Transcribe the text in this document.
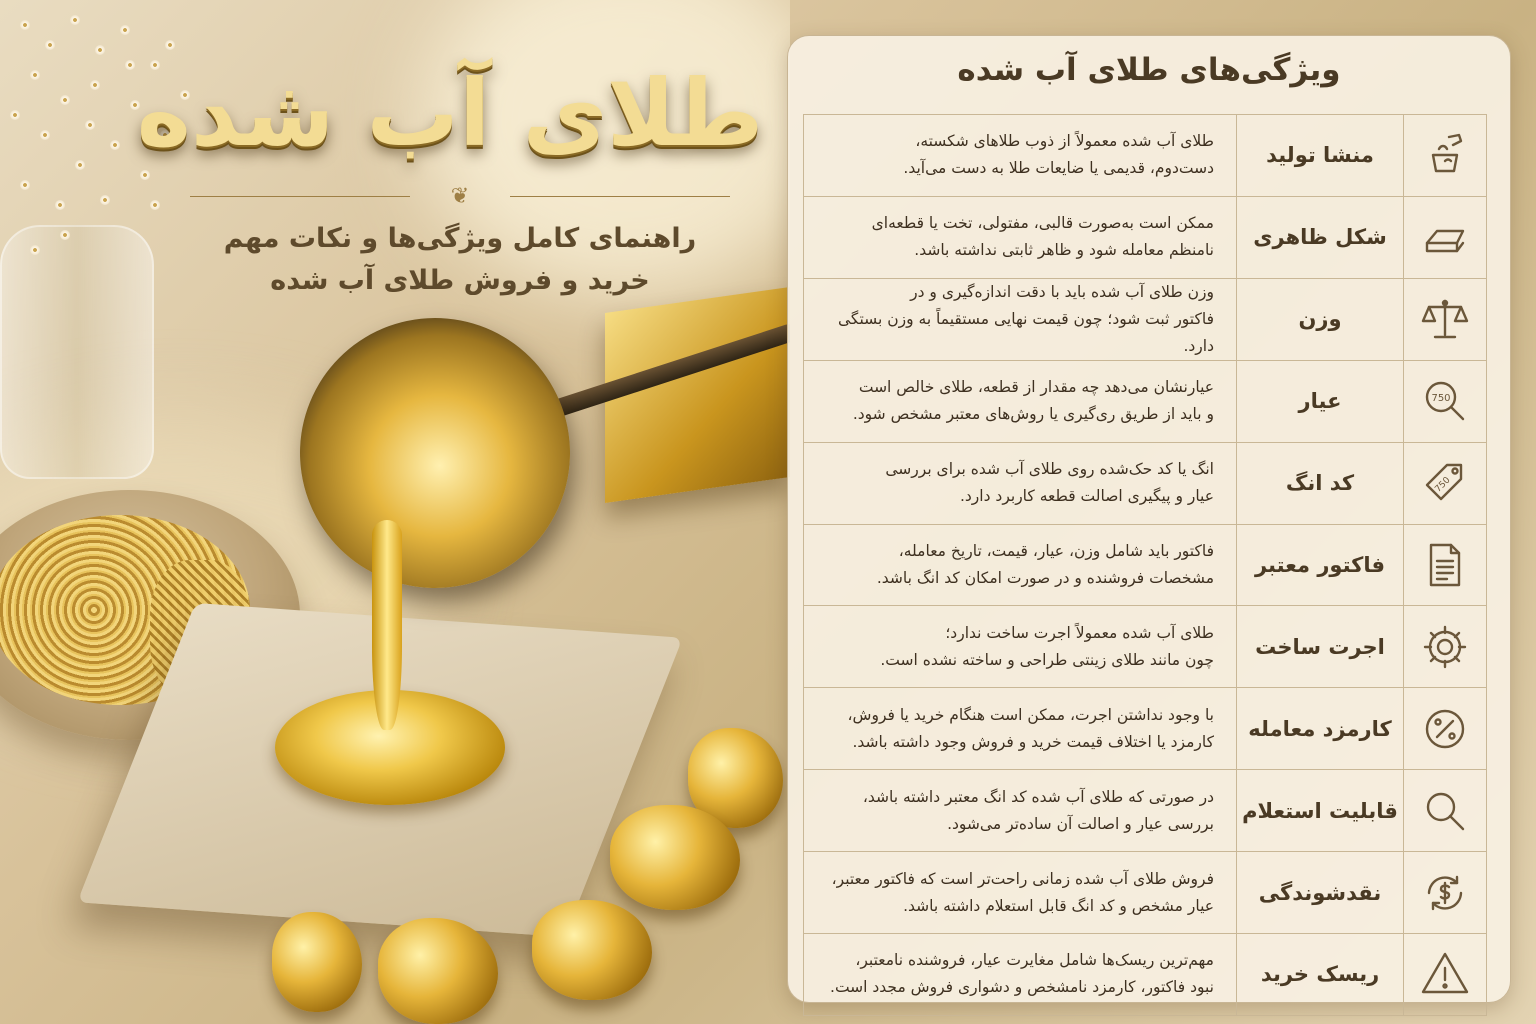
طلای آب شده
❦
راهنمای کامل ویژگی‌ها و نکات مهم
خرید و فروش طلای آب شده
ویژگی‌های طلای آب شده
	منشا تولید	طلای آب شده معمولاً از ذوب طلاهای شکسته،
دست‌دوم، قدیمی یا ضایعات طلا به دست می‌آید.

	شکل ظاهری	ممکن است به‌صورت قالبی، مفتولی، تخت یا قطعه‌ای
نامنظم معامله شود و ظاهر ثابتی نداشته باشد.

	وزن	وزن طلای آب شده باید با دقت اندازه‌گیری و در
فاکتور ثبت شود؛ چون قیمت نهایی مستقیماً به وزن بستگی دارد.

750	عیار	عیارنشان می‌دهد چه مقدار از قطعه، طلای خالص است
و باید از طریق ری‌گیری یا روش‌های معتبر مشخص شود.

750	کد انگ	انگ یا کد حک‌شده روی طلای آب شده برای بررسی
عیار و پیگیری اصالت قطعه کاربرد دارد.

	فاکتور معتبر	فاکتور باید شامل وزن، عیار، قیمت، تاریخ معامله،
مشخصات فروشنده و در صورت امکان کد انگ باشد.

	اجرت ساخت	طلای آب شده معمولاً اجرت ساخت ندارد؛
چون مانند طلای زینتی طراحی و ساخته نشده است.

	کارمزد معامله	با وجود نداشتن اجرت، ممکن است هنگام خرید یا فروش،
کارمزد یا اختلاف قیمت خرید و فروش وجود داشته باشد.

	قابلیت استعلام	در صورتی که طلای آب شده کد انگ معتبر داشته باشد،
بررسی عیار و اصالت آن ساده‌تر می‌شود.

	نقدشوندگی	فروش طلای آب شده زمانی راحت‌تر است که فاکتور معتبر،
عیار مشخص و کد انگ قابل استعلام داشته باشد.

	ریسک خرید	مهم‌ترین ریسک‌ها شامل مغایرت عیار، فروشنده نامعتبر،
نبود فاکتور، کارمزد نامشخص و دشواری فروش مجدد است.
